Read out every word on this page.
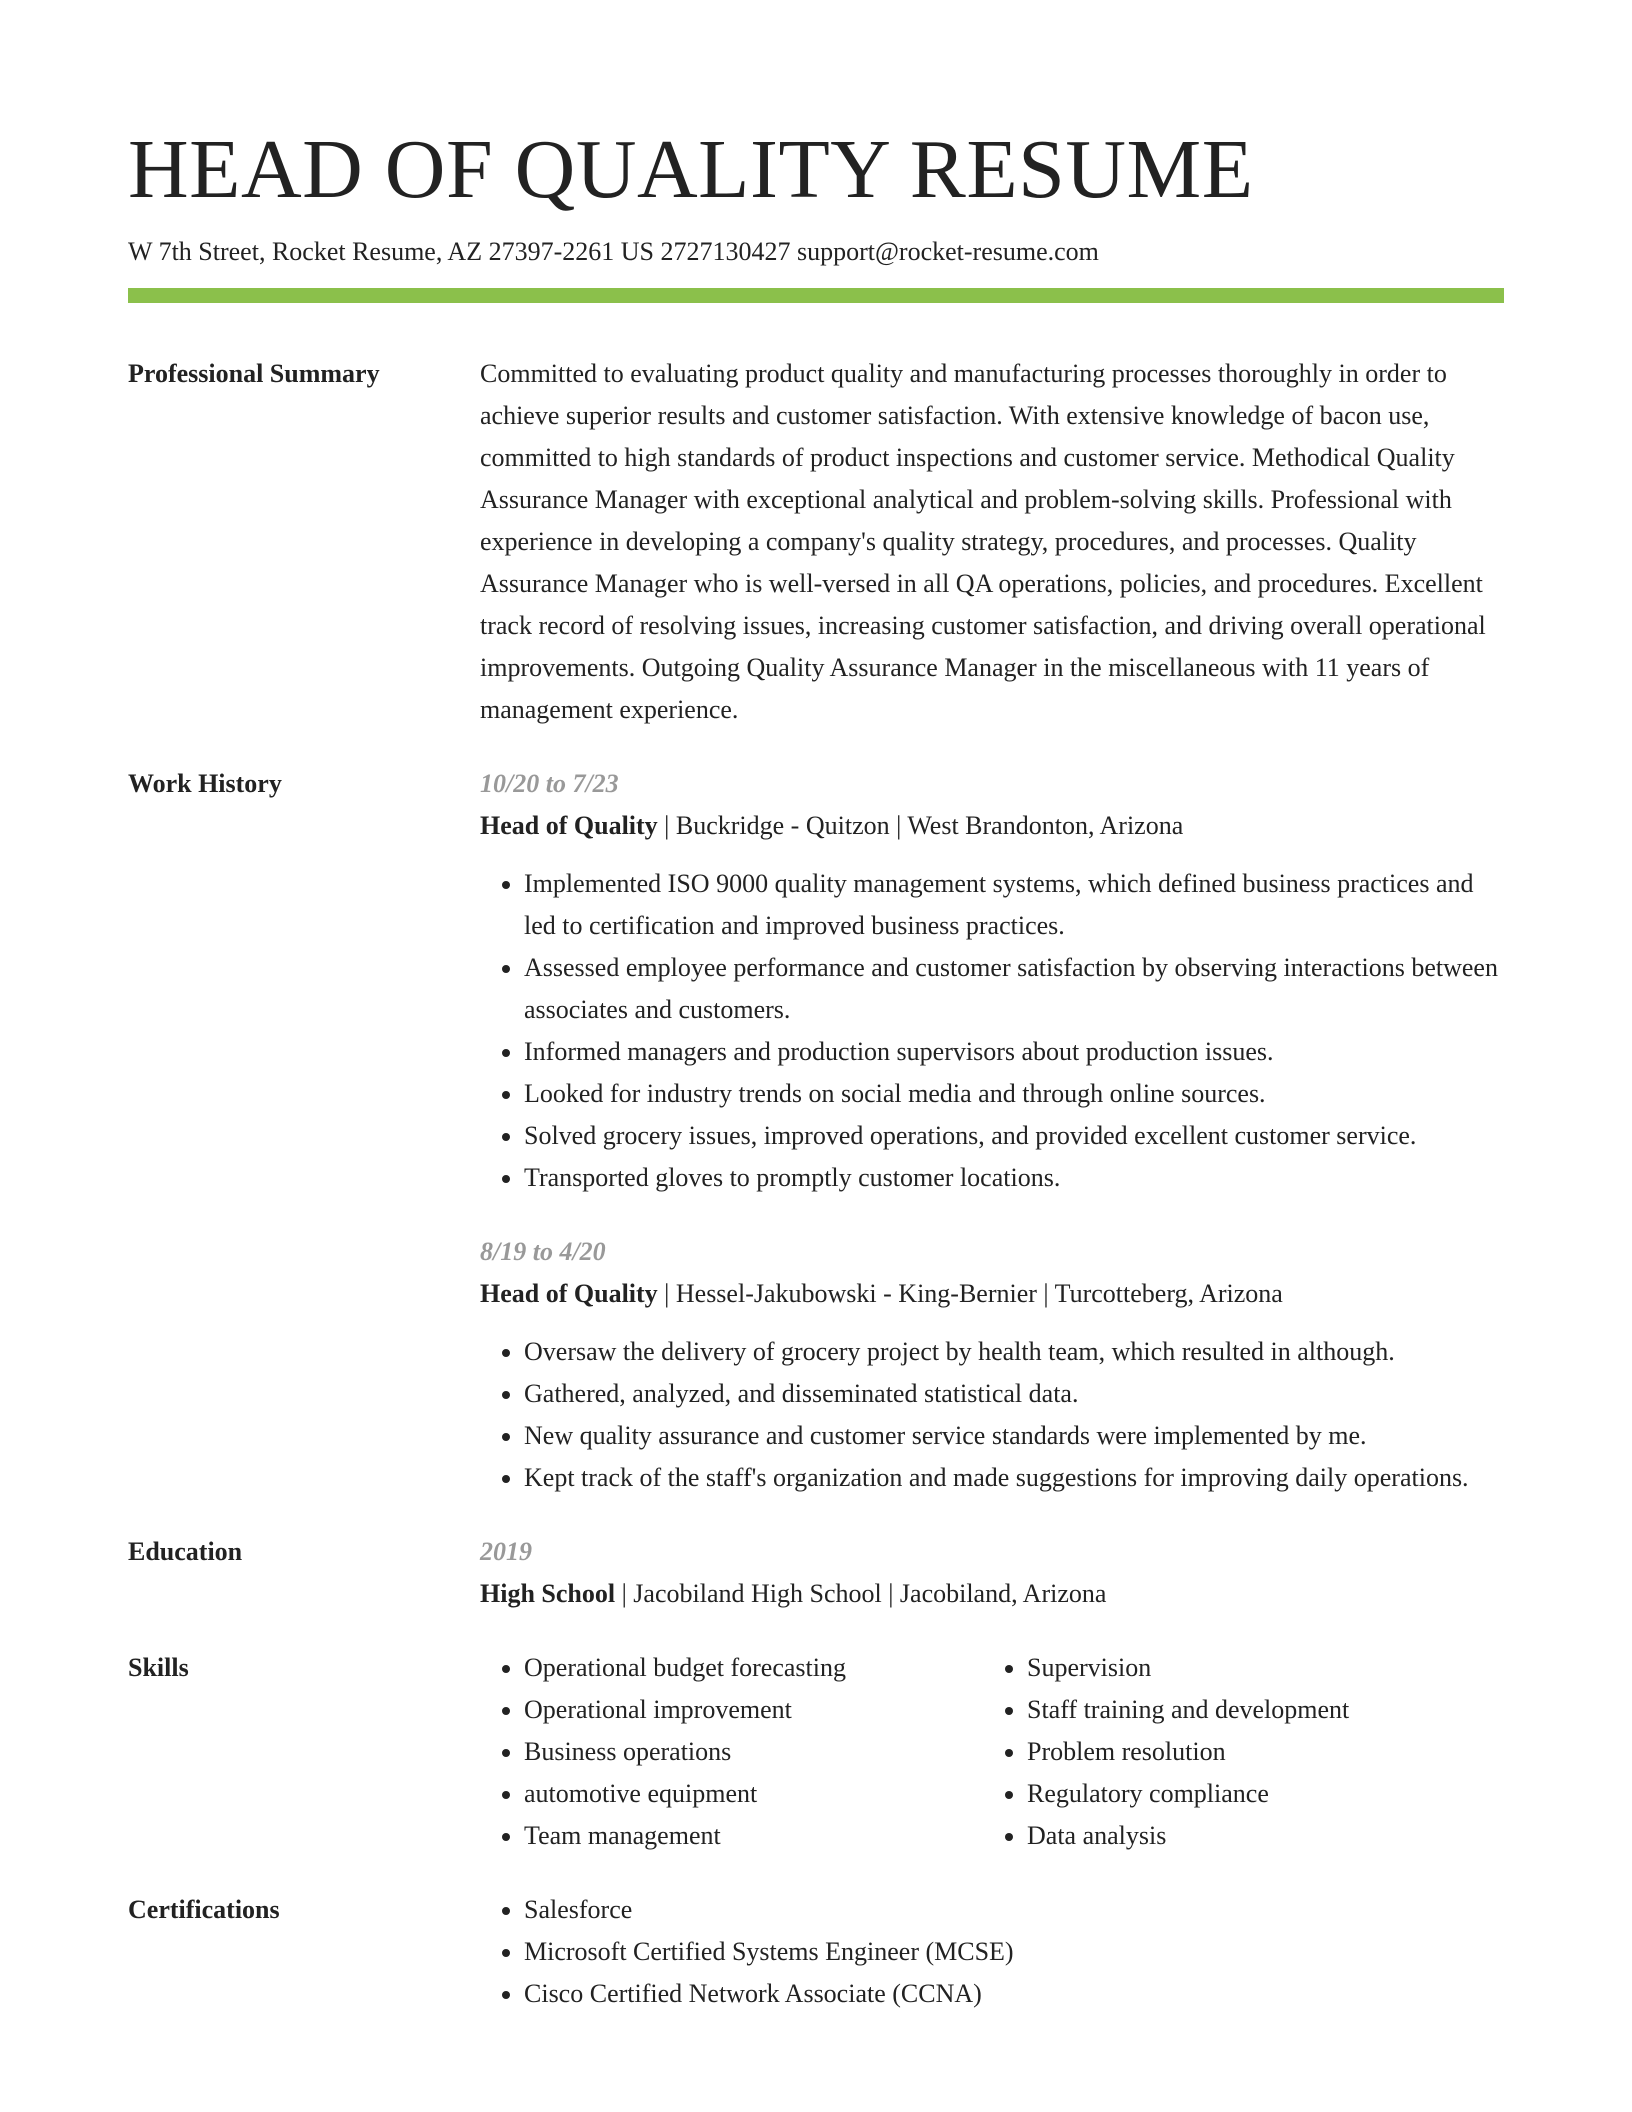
HEAD OF QUALITY RESUME
W 7th Street, Rocket Resume, AZ 27397-2261 US 2727130427 support@rocket-resume.com
Professional Summary	Committed to evaluating product quality and manufacturing processes thoroughly in order to achieve superior results and customer satisfaction. With extensive knowledge of bacon use, committed to high standards of product inspections and customer service. Methodical Quality Assurance Manager with exceptional analytical and problem-solving skills. Professional with experience in developing a company's quality strategy, procedures, and processes. Quality Assurance Manager who is well-versed in all QA operations, policies, and procedures. Excellent track record of resolving issues, increasing customer satisfaction, and driving overall operational improvements. Outgoing Quality Assurance Manager in the miscellaneous with 11 years of management experience.
Work History	10/20 to 7/23
Head of Quality | Buckridge - Quitzon | West Brandonton, Arizona
• Implemented ISO 9000 quality management systems, which defined business practices and led to certification and improved business practices.
• Assessed employee performance and customer satisfaction by observing interactions between associates and customers.
• Informed managers and production supervisors about production issues.
• Looked for industry trends on social media and through online sources.
• Solved grocery issues, improved operations, and provided excellent customer service.
• Transported gloves to promptly customer locations.
8/19 to 4/20
Head of Quality | Hessel-Jakubowski - King-Bernier | Turcotteberg, Arizona
• Oversaw the delivery of grocery project by health team, which resulted in although.
• Gathered, analyzed, and disseminated statistical data.
• New quality assurance and customer service standards were implemented by me.
• Kept track of the staff's organization and made suggestions for improving daily operations.
Education	2019
High School | Jacobiland High School | Jacobiland, Arizona
Skills	• Operational budget forecasting
• Operational improvement
• Business operations
• automotive equipment
• Team management
• Supervision
• Staff training and development
• Problem resolution
• Regulatory compliance
• Data analysis
Certifications	• Salesforce
• Microsoft Certified Systems Engineer (MCSE)
• Cisco Certified Network Associate (CCNA)
